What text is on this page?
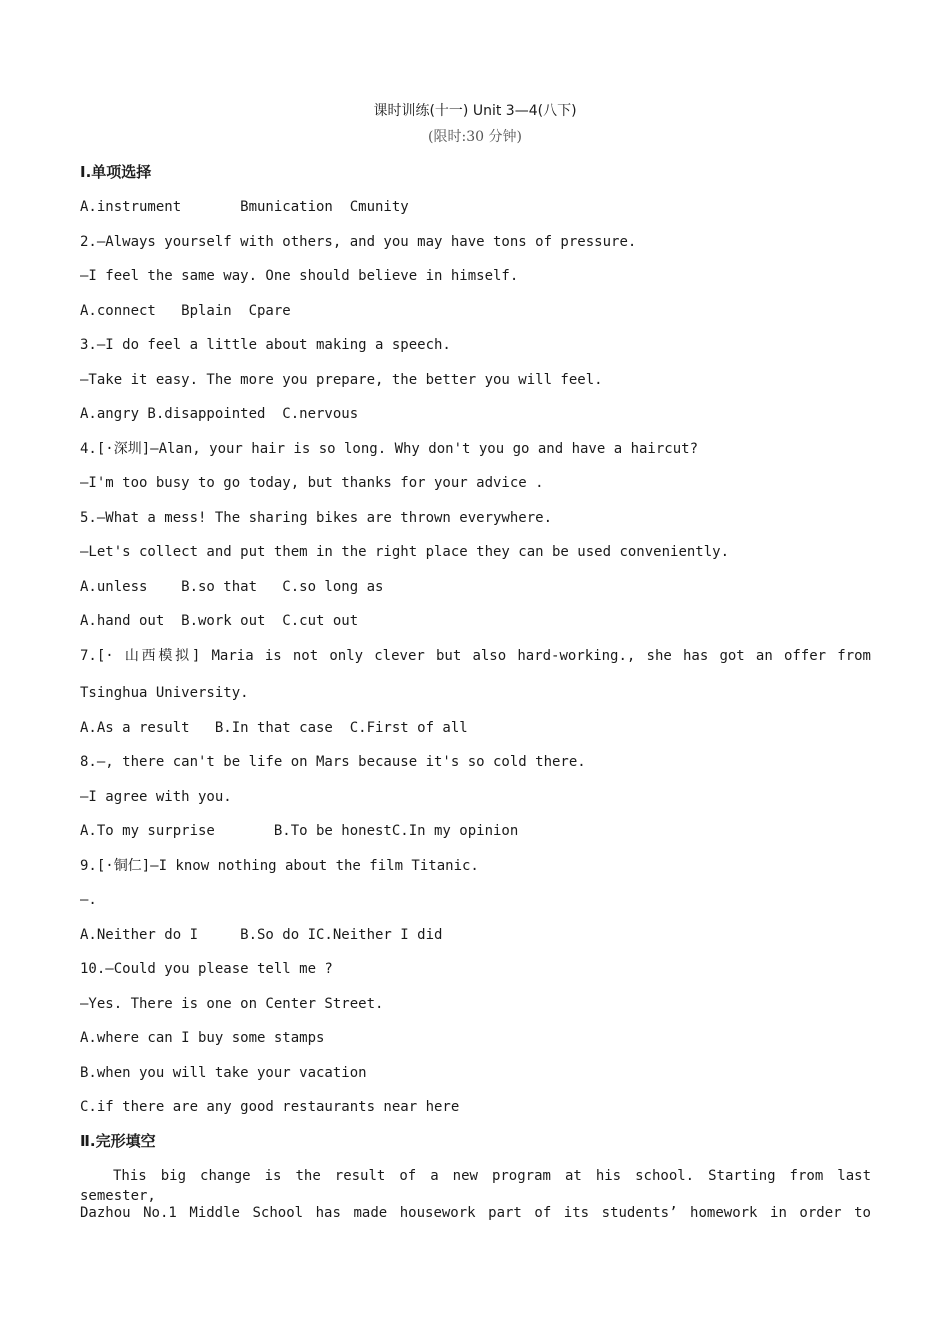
课时训练(十一) Unit 3—4(八下)
(限时:30 分钟)
Ⅰ.单项选择
A.instrument       Bmunication  Cmunity
2.—Always yourself with others, and you may have tons of pressure.
—I feel the same way. One should believe in himself.
A.connect   Bplain  Cpare
3.—I do feel a little about making a speech.
—Take it easy. The more you prepare, the better you will feel.
A.angry B.disappointed  C.nervous
4.[·深圳]—Alan, your hair is so long. Why don't you go and have a haircut?
—I'm too busy to go today, but thanks for your advice .
5.—What a mess! The sharing bikes are thrown everywhere.
—Let's collect and put them in the right place they can be used conveniently.
A.unless    B.so that   C.so long as
A.hand out  B.work out  C.cut out
7.[· 山西模拟] Maria is not only clever but also hard-working., she has got an offer from
Tsinghua University.
A.As a result   B.In that case  C.First of all
8.—, there can't be life on Mars because it's so cold there.
—I agree with you.
A.To my surprise       B.To be honestC.In my opinion
9.[·铜仁]—I know nothing about the film Titanic.
—.
A.Neither do I     B.So do IC.Neither I did
10.—Could you please tell me ?
—Yes. There is one on Center Street.
A.where can I buy some stamps
B.when you will take your vacation
C.if there are any good restaurants near here
Ⅱ.完形填空
This big change is the result of a new program at his school. Starting from last semester,
Dazhou No.1 Middle School has made housework part of its students’ homework in order to
